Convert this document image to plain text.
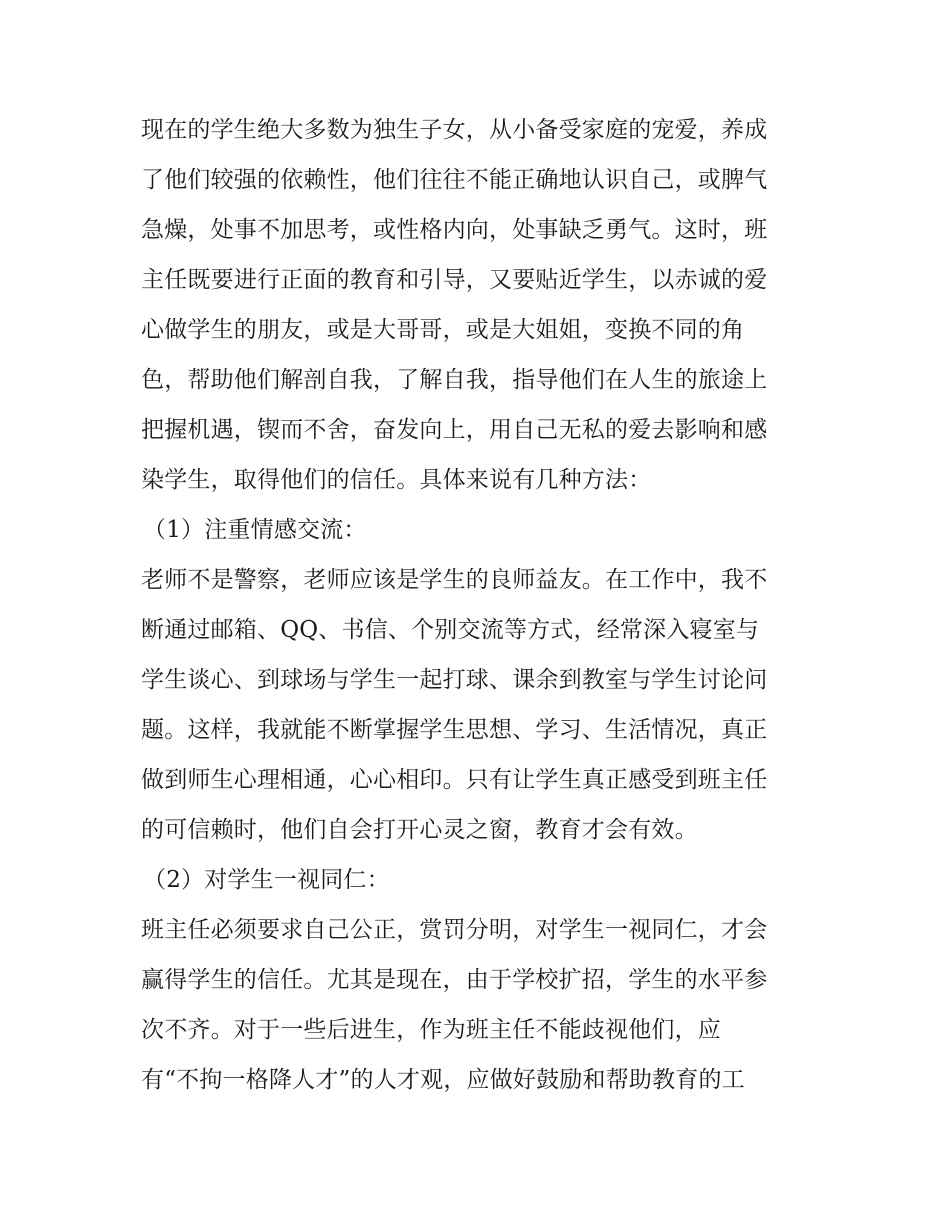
现在的学生绝大多数为独生子女，从小备受家庭的宠爱，养成
了他们较强的依赖性，他们往往不能正确地认识自己，或脾气
急燥，处事不加思考，或性格内向，处事缺乏勇气。这时，班
主任既要进行正面的教育和引导，又要贴近学生，以赤诚的爱
心做学生的朋友，或是大哥哥，或是大姐姐，变换不同的角
色，帮助他们解剖自我，了解自我，指导他们在人生的旅途上
把握机遇，锲而不舍，奋发向上，用自己无私的爱去影响和感
染学生，取得他们的信任。具体来说有几种方法：
（1）注重情感交流：
老师不是警察，老师应该是学生的良师益友。在工作中，我不
断通过邮箱、QQ、书信、个别交流等方式，经常深入寝室与
学生谈心、到球场与学生一起打球、课余到教室与学生讨论问
题。这样，我就能不断掌握学生思想、学习、生活情况，真正
做到师生心理相通，心心相印。只有让学生真正感受到班主任
的可信赖时，他们自会打开心灵之窗，教育才会有效。
（2）对学生一视同仁：
班主任必须要求自己公正，赏罚分明，对学生一视同仁，才会
赢得学生的信任。尤其是现在，由于学校扩招，学生的水平参
次不齐。对于一些后进生，作为班主任不能歧视他们，应
有“不拘一格降人才”的人才观，应做好鼓励和帮助教育的工
